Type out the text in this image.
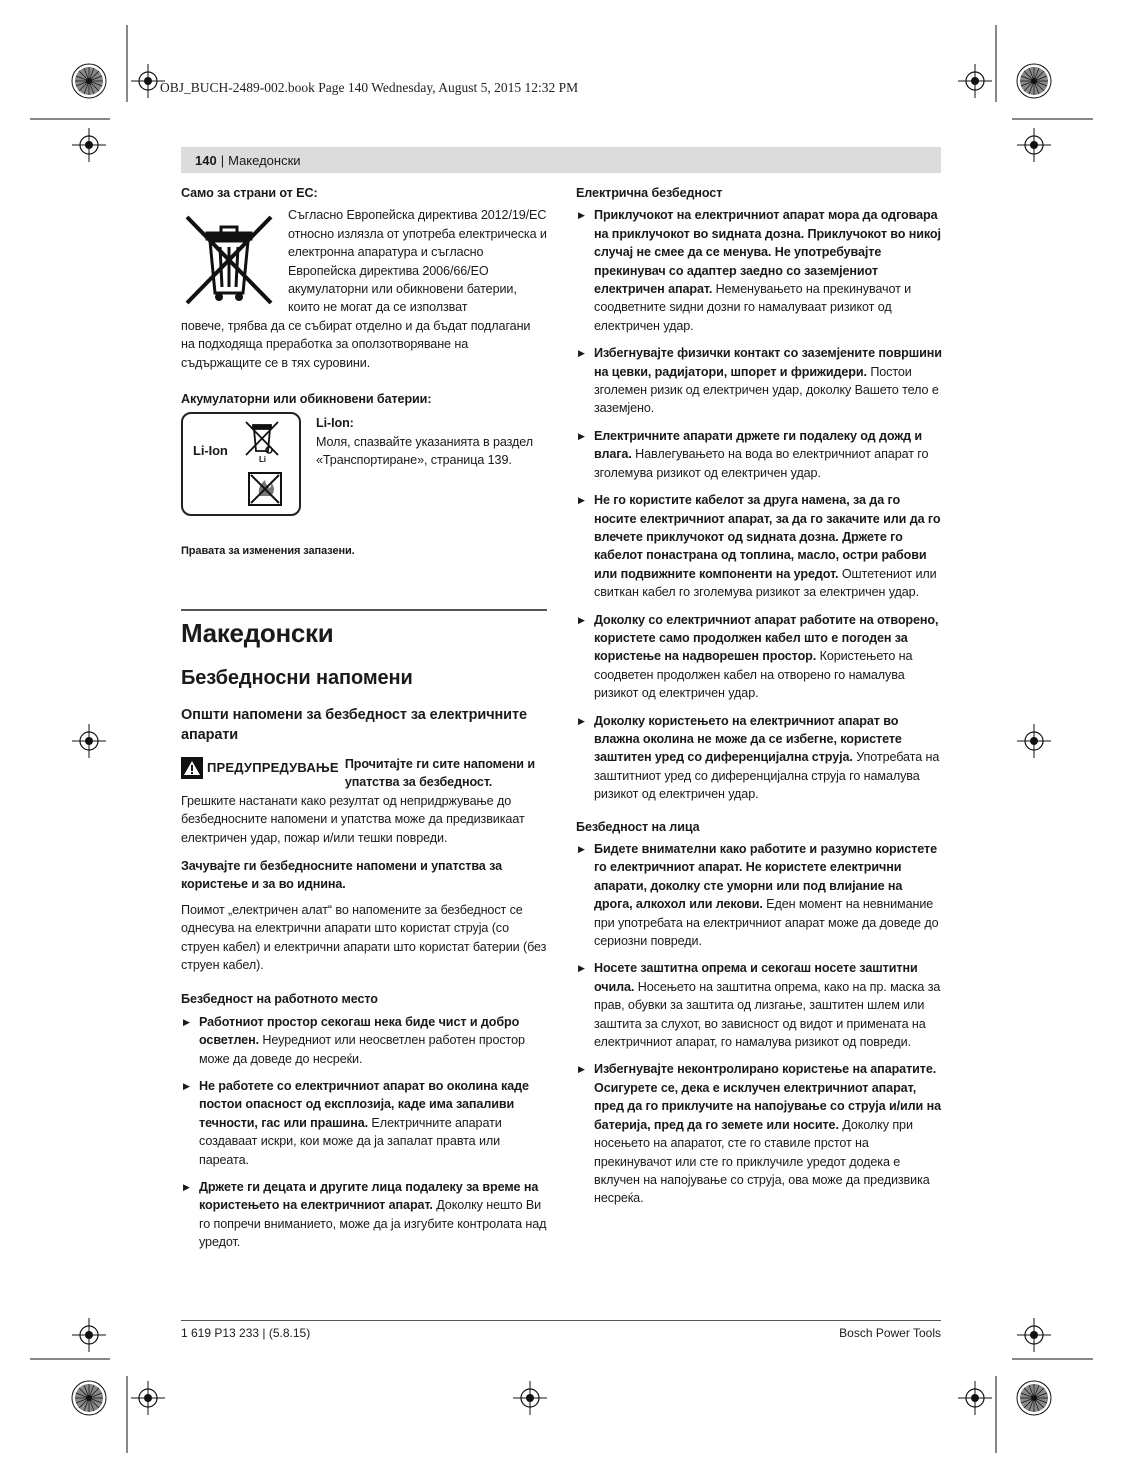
OBJ_BUCH-2489-002.book Page 140 Wednesday, August 5, 2015 12:32 PM
140 | Македонски
Само за страни от ЕС:
Съгласно Европейска директива 2012/19/ЕС относно излязла от употреба електрическа и електронна апаратура и съгласно Европейска директива 2006/66/ЕО акумулаторни или обикновени батерии, които не могат да се използват

повече, трябва да се събират отделно и да бъдат подлагани на подходяща преработка за оползотворяване на съдържащите се в тях суровини.

Акумулаторни или обикновени батерии:
Li-Ion
Li
Li-Ion:
Моля, спазвайте указанията в раздел «Транспортиране», страница 139.
Правата за изменения запазени.
Македонски
Безбедносни напомени
Општи напомени за безбедност за електричните апарати
ПРЕДУПРЕДУВАЊЕ Прочитајте ги сите напомени и упатства за безбедност. Грешките настанати како резултат од непридржување до безбедносните напомени и упатства може да предизвикаат електричен удар, пожар и/или тешки повреди.

Зачувајте ги безбедносните напомени и упатства за користење и за во иднина.

Поимот „електричен алат“ во напомените за безбедност се однесува на електрични апарати што користат струја (со струен кабел) и електрични апарати што користат батерии (без струен кабел).

Безбедност на работното место
▶ Работниот простор секогаш нека биде чист и добро осветлен. Неуредниот или неосветлен работен простор може да доведе до несреќи.
▶ Не работете со електричниот апарат во околина каде постои опасност од експлозија, каде има запаливи течности, гас или прашина. Електричните апарати создаваат искри, кои може да ја запалат правта или пареата.
▶ Држете ги децата и другите лица подалеку за време на користењето на електричниот апарат. Доколку нешто Ви го попречи вниманието, може да ја изгубите контролата над уредот.
Електрична безбедност
▶ Приклучокот на електричниот апарат мора да одговара на приклучокот во ѕидната дозна. Приклучокот во никој случај не смее да се менува. Не употребувајте прекинувач со адаптер заедно со заземјениот електричен апарат. Неменувањето на прекинувачот и соодветните ѕидни дозни го намалуваат ризикот од електричен удар.
▶ Избегнувајте физички контакт со заземјените површини на цевки, радијатори, шпорет и фрижидери. Постои зголемен ризик од електричен удар, доколку Вашето тело е заземјено.
▶ Електричните апарати држете ги подалеку од дожд и влага. Навлегувањето на вода во електричниот апарат го зголемува ризикот од електричен удар.
▶ Не го користите кабелот за друга намена, за да го носите електричниот апарат, за да го закачите или да го влечете приклучокот од ѕидната дозна. Држете го кабелот понастрана од топлина, масло, остри рабови или подвижните компоненти на уредот. Оштетениот или свиткан кабел го зголемува ризикот за електричен удар.
▶ Доколку со електричниот апарат работите на отворено, користете само продолжен кабел што е погоден за користење на надворешен простор. Користењето на соодветен продолжен кабел на отворено го намалува ризикот од електричен удар.
▶ Доколку користењето на електричниот апарат во влажна околина не може да се избегне, користете заштитен уред со диференцијална струја. Употребата на заштитниот уред со диференцијална струја го намалува ризикот од електричен удар.
Безбедност на лица
▶ Бидете внимателни како работите и разумно користете го електричниот апарат. Не користете електрични апарати, доколку сте уморни или под влијание на дрога, алкохол или лекови. Еден момент на невнимание при употребата на електричниот апарат може да доведе до сериозни повреди.
▶ Носете заштитна опрема и секогаш носете заштитни очила. Носењето на заштитна опрема, како на пр. маска за прав, обувки за заштита од лизгање, заштитен шлем или заштита за слухот, во зависност од видот и примената на електричниот апарат, го намалува ризикот од повреди.
▶ Избегнувајте неконтролирано користење на апаратите. Осигурете се, дека е исклучен електричниот апарат, пред да го приклучите на напојување со струја и/или на батерија, пред да го земете или носите. Доколку при носењето на апаратот, сте го ставиле прстот на прекинувачот или сте го приклучиле уредот додека е вклучен на напојување со струја, ова може да предизвика несреќа.
1 619 P13 233 | (5.8.15)	Bosch Power Tools
